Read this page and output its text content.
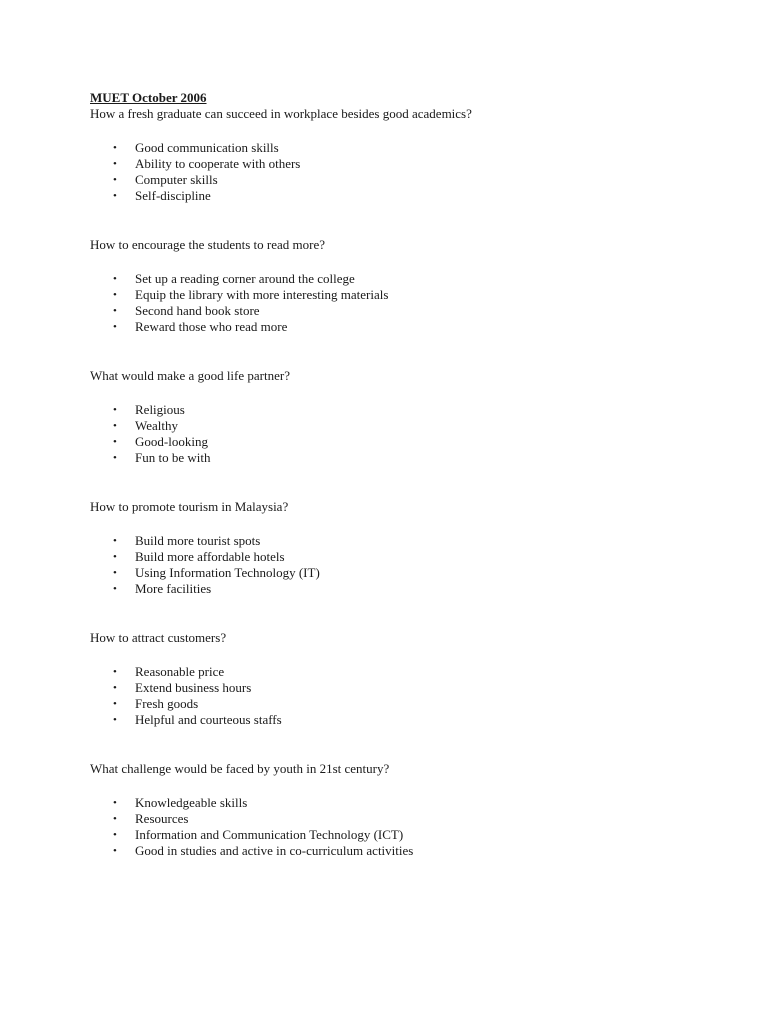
MUET October 2006
How a fresh graduate can succeed in workplace besides good academics?
• Good communication skills
• Ability to cooperate with others
• Computer skills
• Self-discipline
How to encourage the students to read more?
• Set up a reading corner around the college
• Equip the library with more interesting materials
• Second hand book store
• Reward those who read more
What would make a good life partner?
• Religious
• Wealthy
• Good-looking
• Fun to be with
How to promote tourism in Malaysia?
• Build more tourist spots
• Build more affordable hotels
• Using Information Technology (IT)
• More facilities
How to attract customers?
• Reasonable price
• Extend business hours
• Fresh goods
• Helpful and courteous staffs
What challenge would be faced by youth in 21st century?
• Knowledgeable skills
• Resources
• Information and Communication Technology (ICT)
• Good in studies and active in co-curriculum activities
